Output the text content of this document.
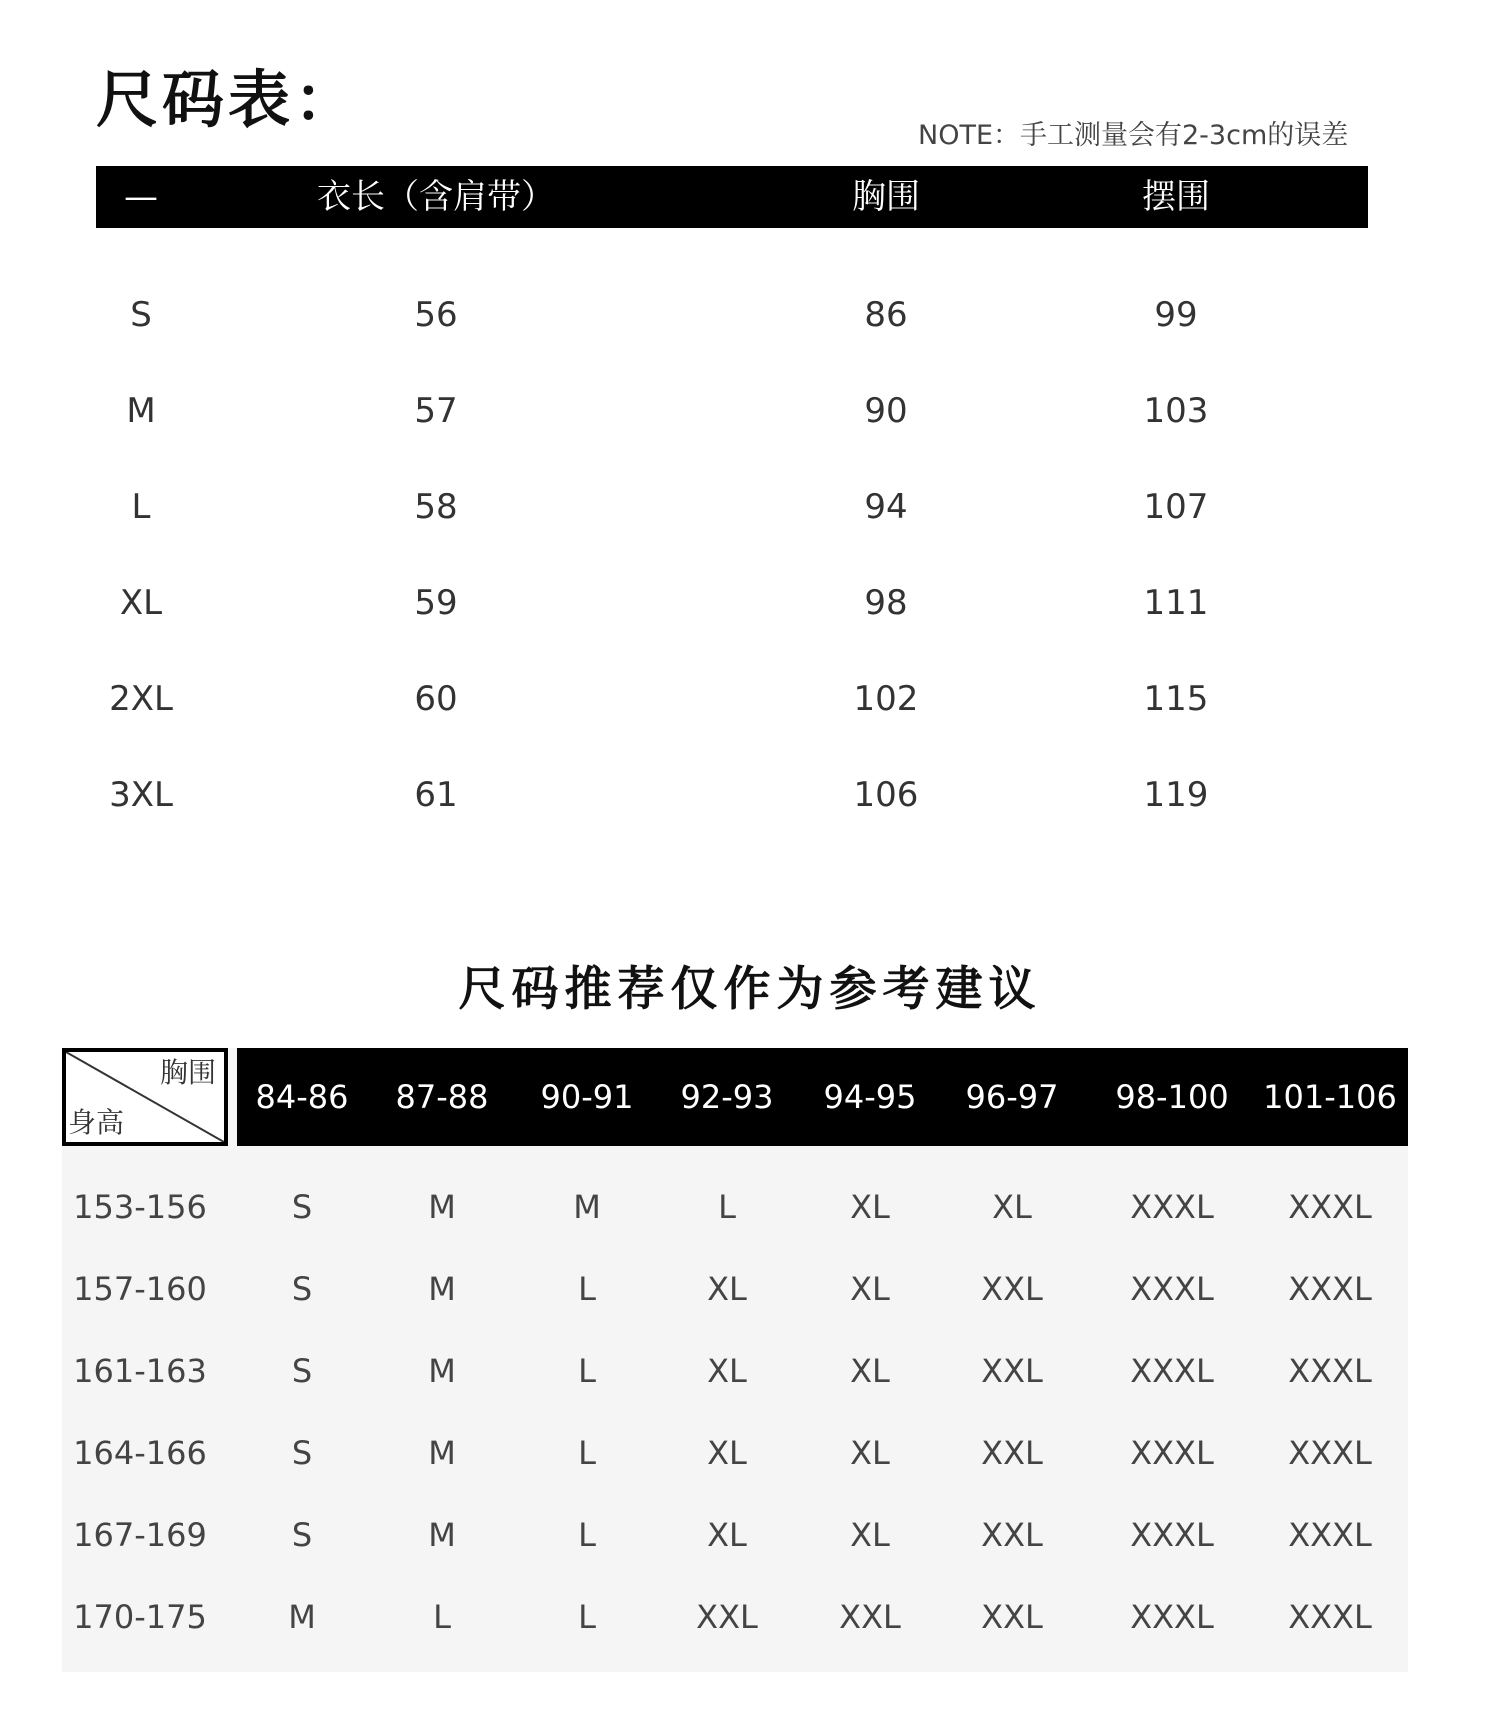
尺码表：	NOTE：手工测量会有2-3cm的误差
—	衣长（含肩带）	胸围	摆围
S	56	86	99
M	57	90	103
L	58	94	107
XL	59	98	111
2XL	60	102	115
3XL	61	106	119
尺码推荐仅作为参考建议
胸围
身高
84-86	87-88	90-91	92-93	94-95	96-97	98-100	101-106
153-156	S	M	M	L	XL	XL	XXXL	XXXL
157-160	S	M	L	XL	XL	XXL	XXXL	XXXL
161-163	S	M	L	XL	XL	XXL	XXXL	XXXL
164-166	S	M	L	XL	XL	XXL	XXXL	XXXL
167-169	S	M	L	XL	XL	XXL	XXXL	XXXL
170-175	M	L	L	XXL	XXL	XXL	XXXL	XXXL
